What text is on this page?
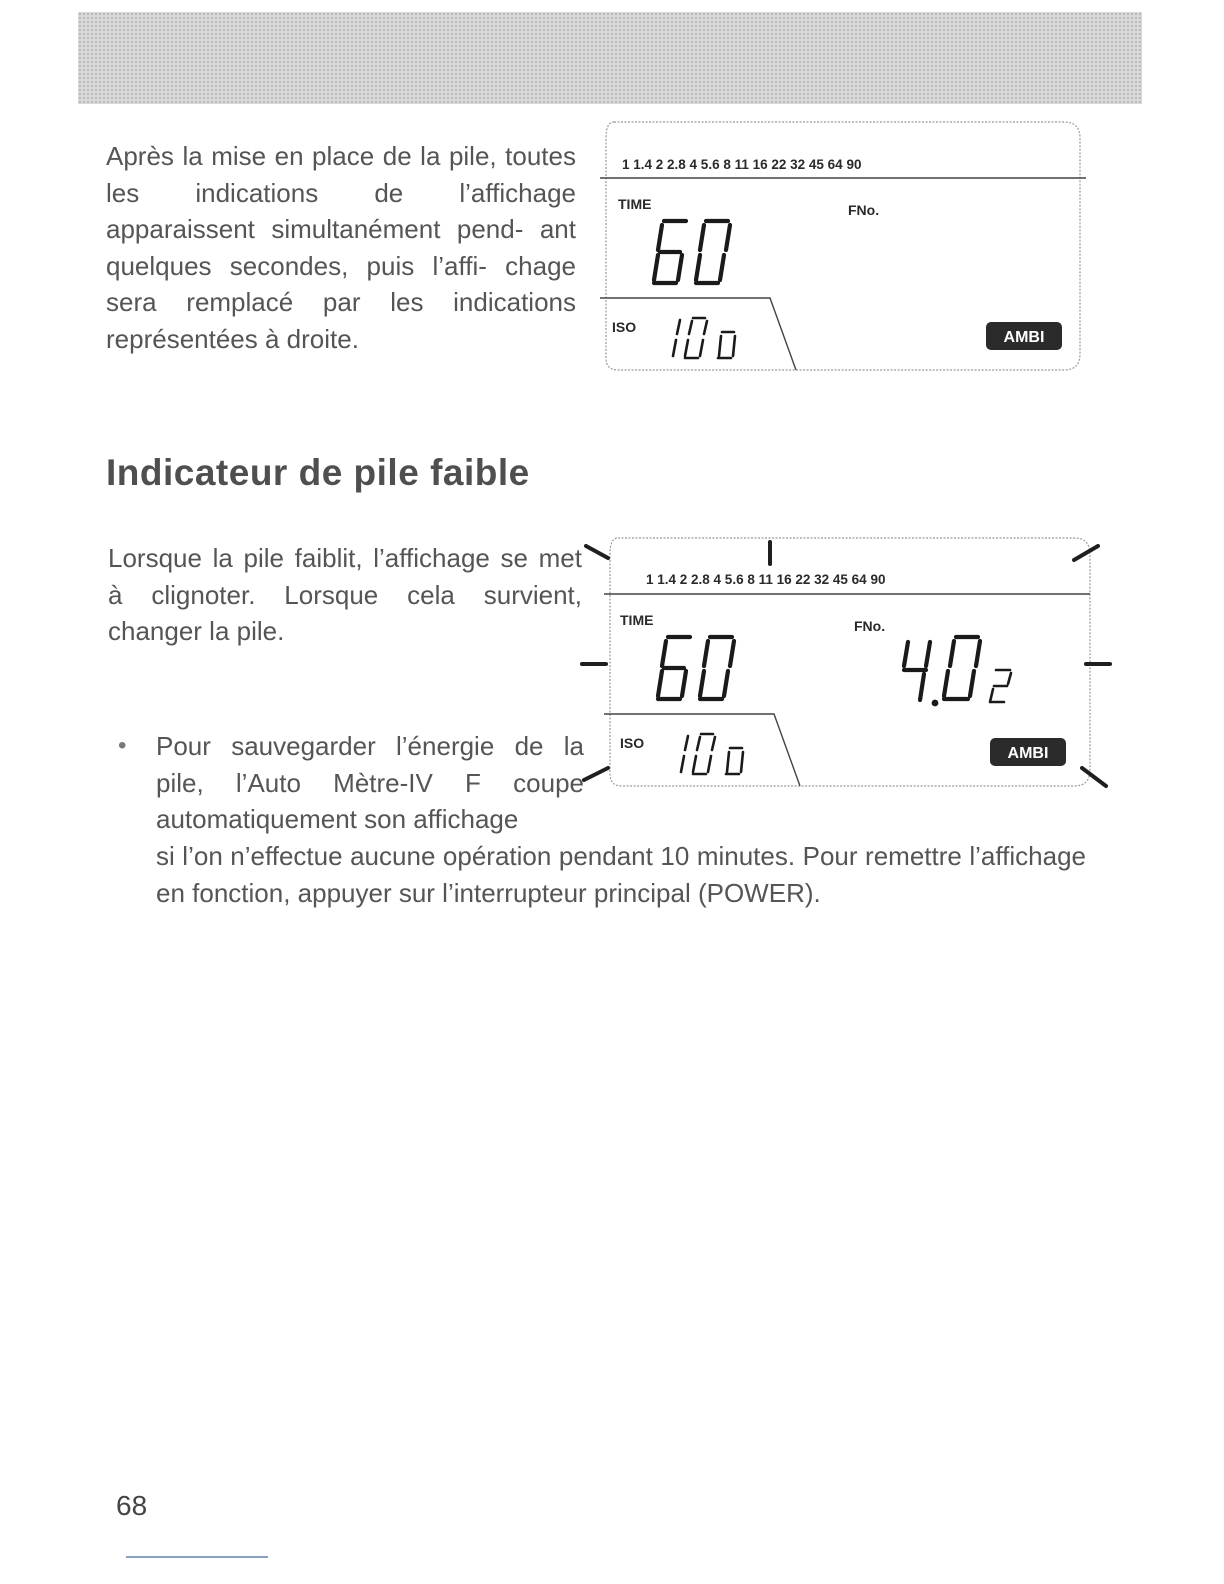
Après la mise en place de la pile, toutes les indications de l’affichage apparaissent simultanément pend- ant quelques secondes, puis l’affi- chage sera remplacé par les indications représentées à droite.

1 1.4 2 2.8 4 5.6 8 11 16 22 32 45 64 90
TIME	FNo.
ISO
AMBI
Indicateur de pile faible

Lorsque la pile faiblit, l’affichage se met à clignoter. Lorsque cela survient, changer la pile.

1 1.4 2 2.8 4 5.6 8 11 16 22 32 45 64 90
TIME	FNo.
ISO
AMBI
• Pour sauvegarder l’énergie de la pile, l’Auto Mètre-IV F coupe automatiquement son affichage

si l’on n’effectue aucune opération pendant 10 minutes. Pour remettre l’affichage en fonction, appuyer sur l’interrupteur principal (POWER).

68
